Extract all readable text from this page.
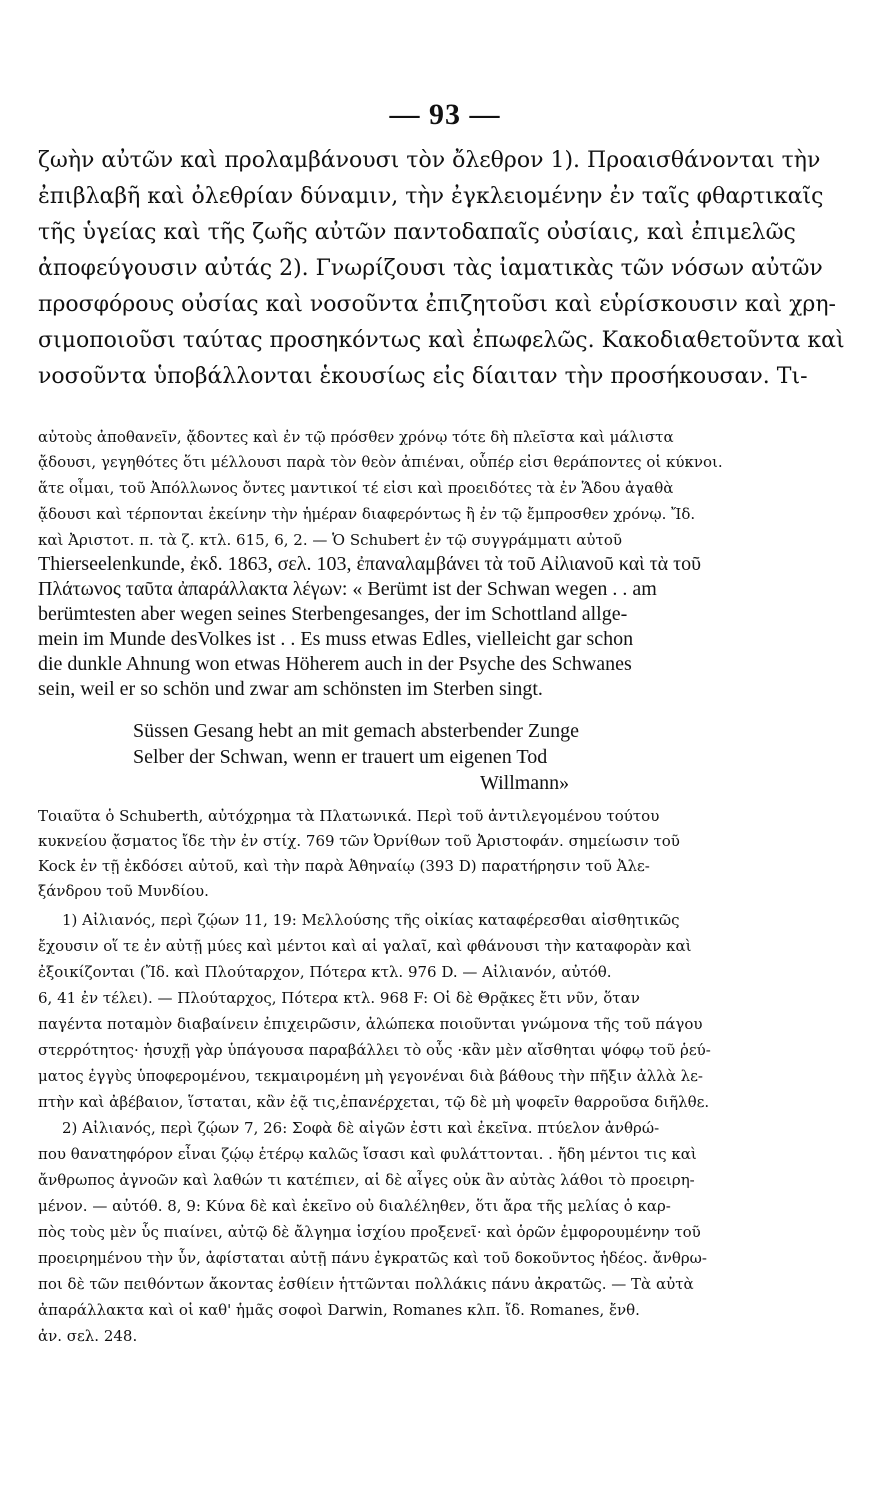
— 93 —
ζωὴν αὐτῶν καὶ προλαμβάνουσι τὸν ὄλεθρον 1). Προαισθάνονται τὴν
ἐπιβλαβῆ καὶ ὀλεθρίαν δύναμιν, τὴν ἐγκλειομένην ἐν ταῖς φθαρτικαῖς
τῆς ὑγείας καὶ τῆς ζωῆς αὐτῶν παντοδαπαῖς οὐσίαις, καὶ ἐπιμελῶς
ἀποφεύγουσιν αὐτάς 2). Γνωρίζουσι τὰς ἰαματικὰς τῶν νόσων αὐτῶν
προσφόρους οὐσίας καὶ νοσοῦντα ἐπιζητοῦσι καὶ εὑρίσκουσιν καὶ χρη-
σιμοποιοῦσι ταύτας προσηκόντως καὶ ἐπωφελῶς. Κακοδιαθετοῦντα καὶ
νοσοῦντα ὑποβάλλονται ἑκουσίως εἰς δίαιταν τὴν προσήκουσαν. Τι-
αὐτοὺς ἀποθανεῖν, ᾄδοντες καὶ ἐν τῷ πρόσθεν χρόνῳ τότε δὴ πλεῖστα καὶ μάλιστα
ᾄδουσι, γεγηθότες ὅτι μέλλουσι παρὰ τὸν θεὸν ἀπιέναι, οὗπέρ εἰσι θεράποντες οἱ κύκνοι.
ἅτε οἶμαι, τοῦ Ἀπόλλωνος ὄντες μαντικοί τέ εἰσι καὶ προειδότες τὰ ἐν Ἅδου ἀγαθὰ
ᾄδουσι καὶ τέρπονται ἐκείνην τὴν ἡμέραν διαφερόντως ἢ ἐν τῷ ἔμπροσθεν χρόνῳ. Ἴδ.
καὶ Ἀριστοτ. π. τὰ ζ. κτλ. 615, 6, 2. — Ὁ Schubert ἐν τῷ συγγράμματι αὐτοῦ
Thierseelenkunde, ἐκδ. 1863, σελ. 103, ἐπαναλαμβάνει τὰ τοῦ Αἰλιανοῦ καὶ τὰ τοῦ
Πλάτωνος ταῦτα ἀπαράλλακτα λέγων: « Berümt ist der Schwan wegen . . am
berümtesten aber wegen seines Sterbengesanges, der im Schottland allge-
mein im Munde desVolkes ist . . Es muss etwas Edles, vielleicht gar schon
die dunkle Ahnung won etwas Höherem auch in der Psyche des Schwanes
sein, weil er so schön und zwar am schönsten im Sterben singt.
Süssen Gesang hebt an mit gemach absterbender Zunge
Selber der Schwan, wenn er trauert um eigenen Tod
Willmann»
Τοιαῦτα ὁ Schuberth, αὐτόχρημα τὰ Πλατωνικά. Περὶ τοῦ ἀντιλεγομένου τούτου
κυκνείου ᾄσματος ἴδε τὴν ἐν στίχ. 769 τῶν Ὀρνίθων τοῦ Ἀριστοφάν. σημείωσιν τοῦ
Kock ἐν τῇ ἐκδόσει αὐτοῦ, καὶ τὴν παρὰ Ἀθηναίῳ (393 D) παρατήρησιν τοῦ Ἀλε-
ξάνδρου τοῦ Μυνδίου.
1) Αἰλιανός, περὶ ζῴων 11, 19: Μελλούσης τῆς οἰκίας καταφέρεσθαι αἰσθητικῶς
ἔχουσιν οἵ τε ἐν αὐτῇ μύες καὶ μέντοι καὶ αἱ γαλαῖ, καὶ φθάνουσι τὴν καταφορὰν καὶ
ἐξοικίζονται (Ἴδ. καὶ Πλούταρχον, Πότερα κτλ. 976 D. — Αἰλιανόν, αὐτόθ.
6, 41 ἐν τέλει). — Πλούταρχος, Πότερα κτλ. 968 F: Οἱ δὲ Θρᾷκες ἔτι νῦν, ὅταν
παγέντα ποταμὸν διαβαίνειν ἐπιχειρῶσιν, ἀλώπεκα ποιοῦνται γνώμονα τῆς τοῦ πάγου
στερρότητος· ἡσυχῇ γὰρ ὑπάγουσα παραβάλλει τὸ οὖς ·κἂν μὲν αἴσθηται ψόφῳ τοῦ ῥεύ-
ματος ἐγγὺς ὑποφερομένου, τεκμαιρομένη μὴ γεγονέναι διὰ βάθους τὴν πῆξιν ἀλλὰ λε-
πτὴν καὶ ἀβέβαιον, ἵσταται, κἂν ἐᾷ τις,ἐπανέρχεται, τῷ δὲ μὴ ψοφεῖν θαρροῦσα διῆλθε.
2) Αἰλιανός, περὶ ζῴων 7, 26: Σοφὰ δὲ αἰγῶν ἐστι καὶ ἐκεῖνα. πτύελον ἀνθρώ-
που θανατηφόρον εἶναι ζῴῳ ἑτέρῳ καλῶς ἴσασι καὶ φυλάττονται. . ἤδη μέντοι τις καὶ
ἄνθρωπος ἀγνοῶν καὶ λαθών τι κατέπιεν, αἱ δὲ αἶγες οὐκ ἂν αὐτὰς λάθοι τὸ προειρη-
μένον. — αὐτόθ. 8, 9: Κύνα δὲ καὶ ἐκεῖνο οὐ διαλέληθεν, ὅτι ἄρα τῆς μελίας ὁ καρ-
πὸς τοὺς μὲν ὗς πιαίνει, αὐτῷ δὲ ἄλγημα ἰσχίου προξενεῖ· καὶ ὁρῶν ἐμφορουμένην τοῦ
προειρημένου τὴν ὗν, ἀφίσταται αὐτῇ πάνυ ἐγκρατῶς καὶ τοῦ δοκοῦντος ἡδέος. ἄνθρω-
ποι δὲ τῶν πειθόντων ἄκοντας ἐσθίειν ἡττῶνται πολλάκις πάνυ ἀκρατῶς. — Τὰ αὐτὰ
ἀπαράλλακτα καὶ οἱ καθ' ἡμᾶς σοφοὶ Darwin, Romanes κλπ. ἴδ. Romanes, ἔνθ.
ἀν. σελ. 248.
